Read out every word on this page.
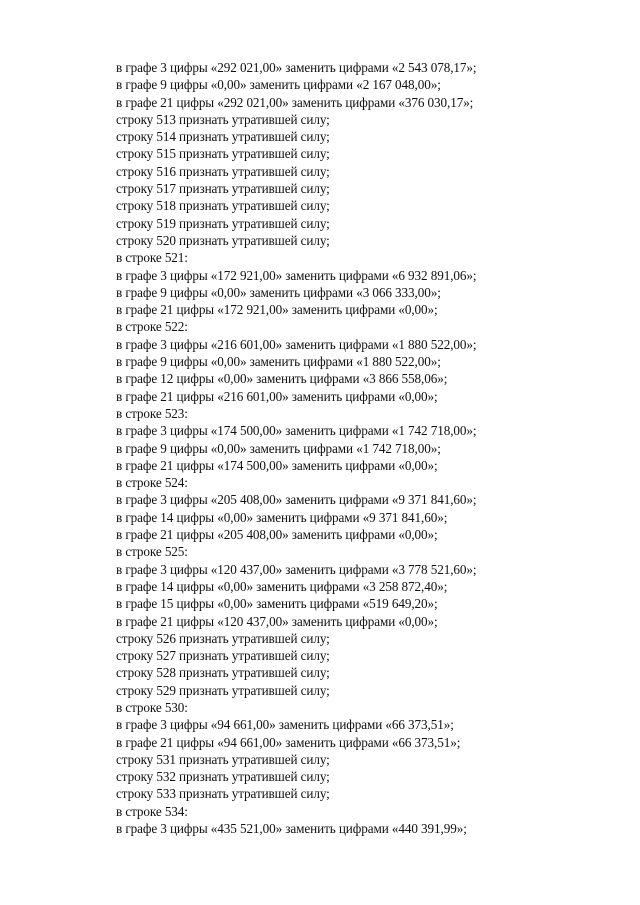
в графе 3 цифры «292 021,00» заменить цифрами «2 543 078,17»;
в графе 9 цифры «0,00» заменить цифрами «2 167 048,00»;
в графе 21 цифры «292 021,00» заменить цифрами «376 030,17»;
строку 513 признать утратившей силу;
строку 514 признать утратившей силу;
строку 515 признать утратившей силу;
строку 516 признать утратившей силу;
строку 517 признать утратившей силу;
строку 518 признать утратившей силу;
строку 519 признать утратившей силу;
строку 520 признать утратившей силу;
в строке 521:
в графе 3 цифры «172 921,00» заменить цифрами «6 932 891,06»;
в графе 9 цифры «0,00» заменить цифрами «3 066 333,00»;
в графе 21 цифры «172 921,00» заменить цифрами «0,00»;
в строке 522:
в графе 3 цифры «216 601,00» заменить цифрами «1 880 522,00»;
в графе 9 цифры «0,00» заменить цифрами «1 880 522,00»;
в графе 12 цифры «0,00» заменить цифрами «3 866 558,06»;
в графе 21 цифры «216 601,00» заменить цифрами «0,00»;
в строке 523:
в графе 3 цифры «174 500,00» заменить цифрами «1 742 718,00»;
в графе 9 цифры «0,00» заменить цифрами «1 742 718,00»;
в графе 21 цифры «174 500,00» заменить цифрами «0,00»;
в строке 524:
в графе 3 цифры «205 408,00» заменить цифрами «9 371 841,60»;
в графе 14 цифры «0,00» заменить цифрами «9 371 841,60»;
в графе 21 цифры «205 408,00» заменить цифрами «0,00»;
в строке 525:
в графе 3 цифры «120 437,00» заменить цифрами «3 778 521,60»;
в графе 14 цифры «0,00» заменить цифрами «3 258 872,40»;
в графе 15 цифры «0,00» заменить цифрами «519 649,20»;
в графе 21 цифры «120 437,00» заменить цифрами «0,00»;
строку 526 признать утратившей силу;
строку 527 признать утратившей силу;
строку 528 признать утратившей силу;
строку 529 признать утратившей силу;
в строке 530:
в графе 3 цифры «94 661,00» заменить цифрами «66 373,51»;
в графе 21 цифры «94 661,00» заменить цифрами «66 373,51»;
строку 531 признать утратившей силу;
строку 532 признать утратившей силу;
строку 533 признать утратившей силу;
в строке 534:
в графе 3 цифры «435 521,00» заменить цифрами «440 391,99»;
